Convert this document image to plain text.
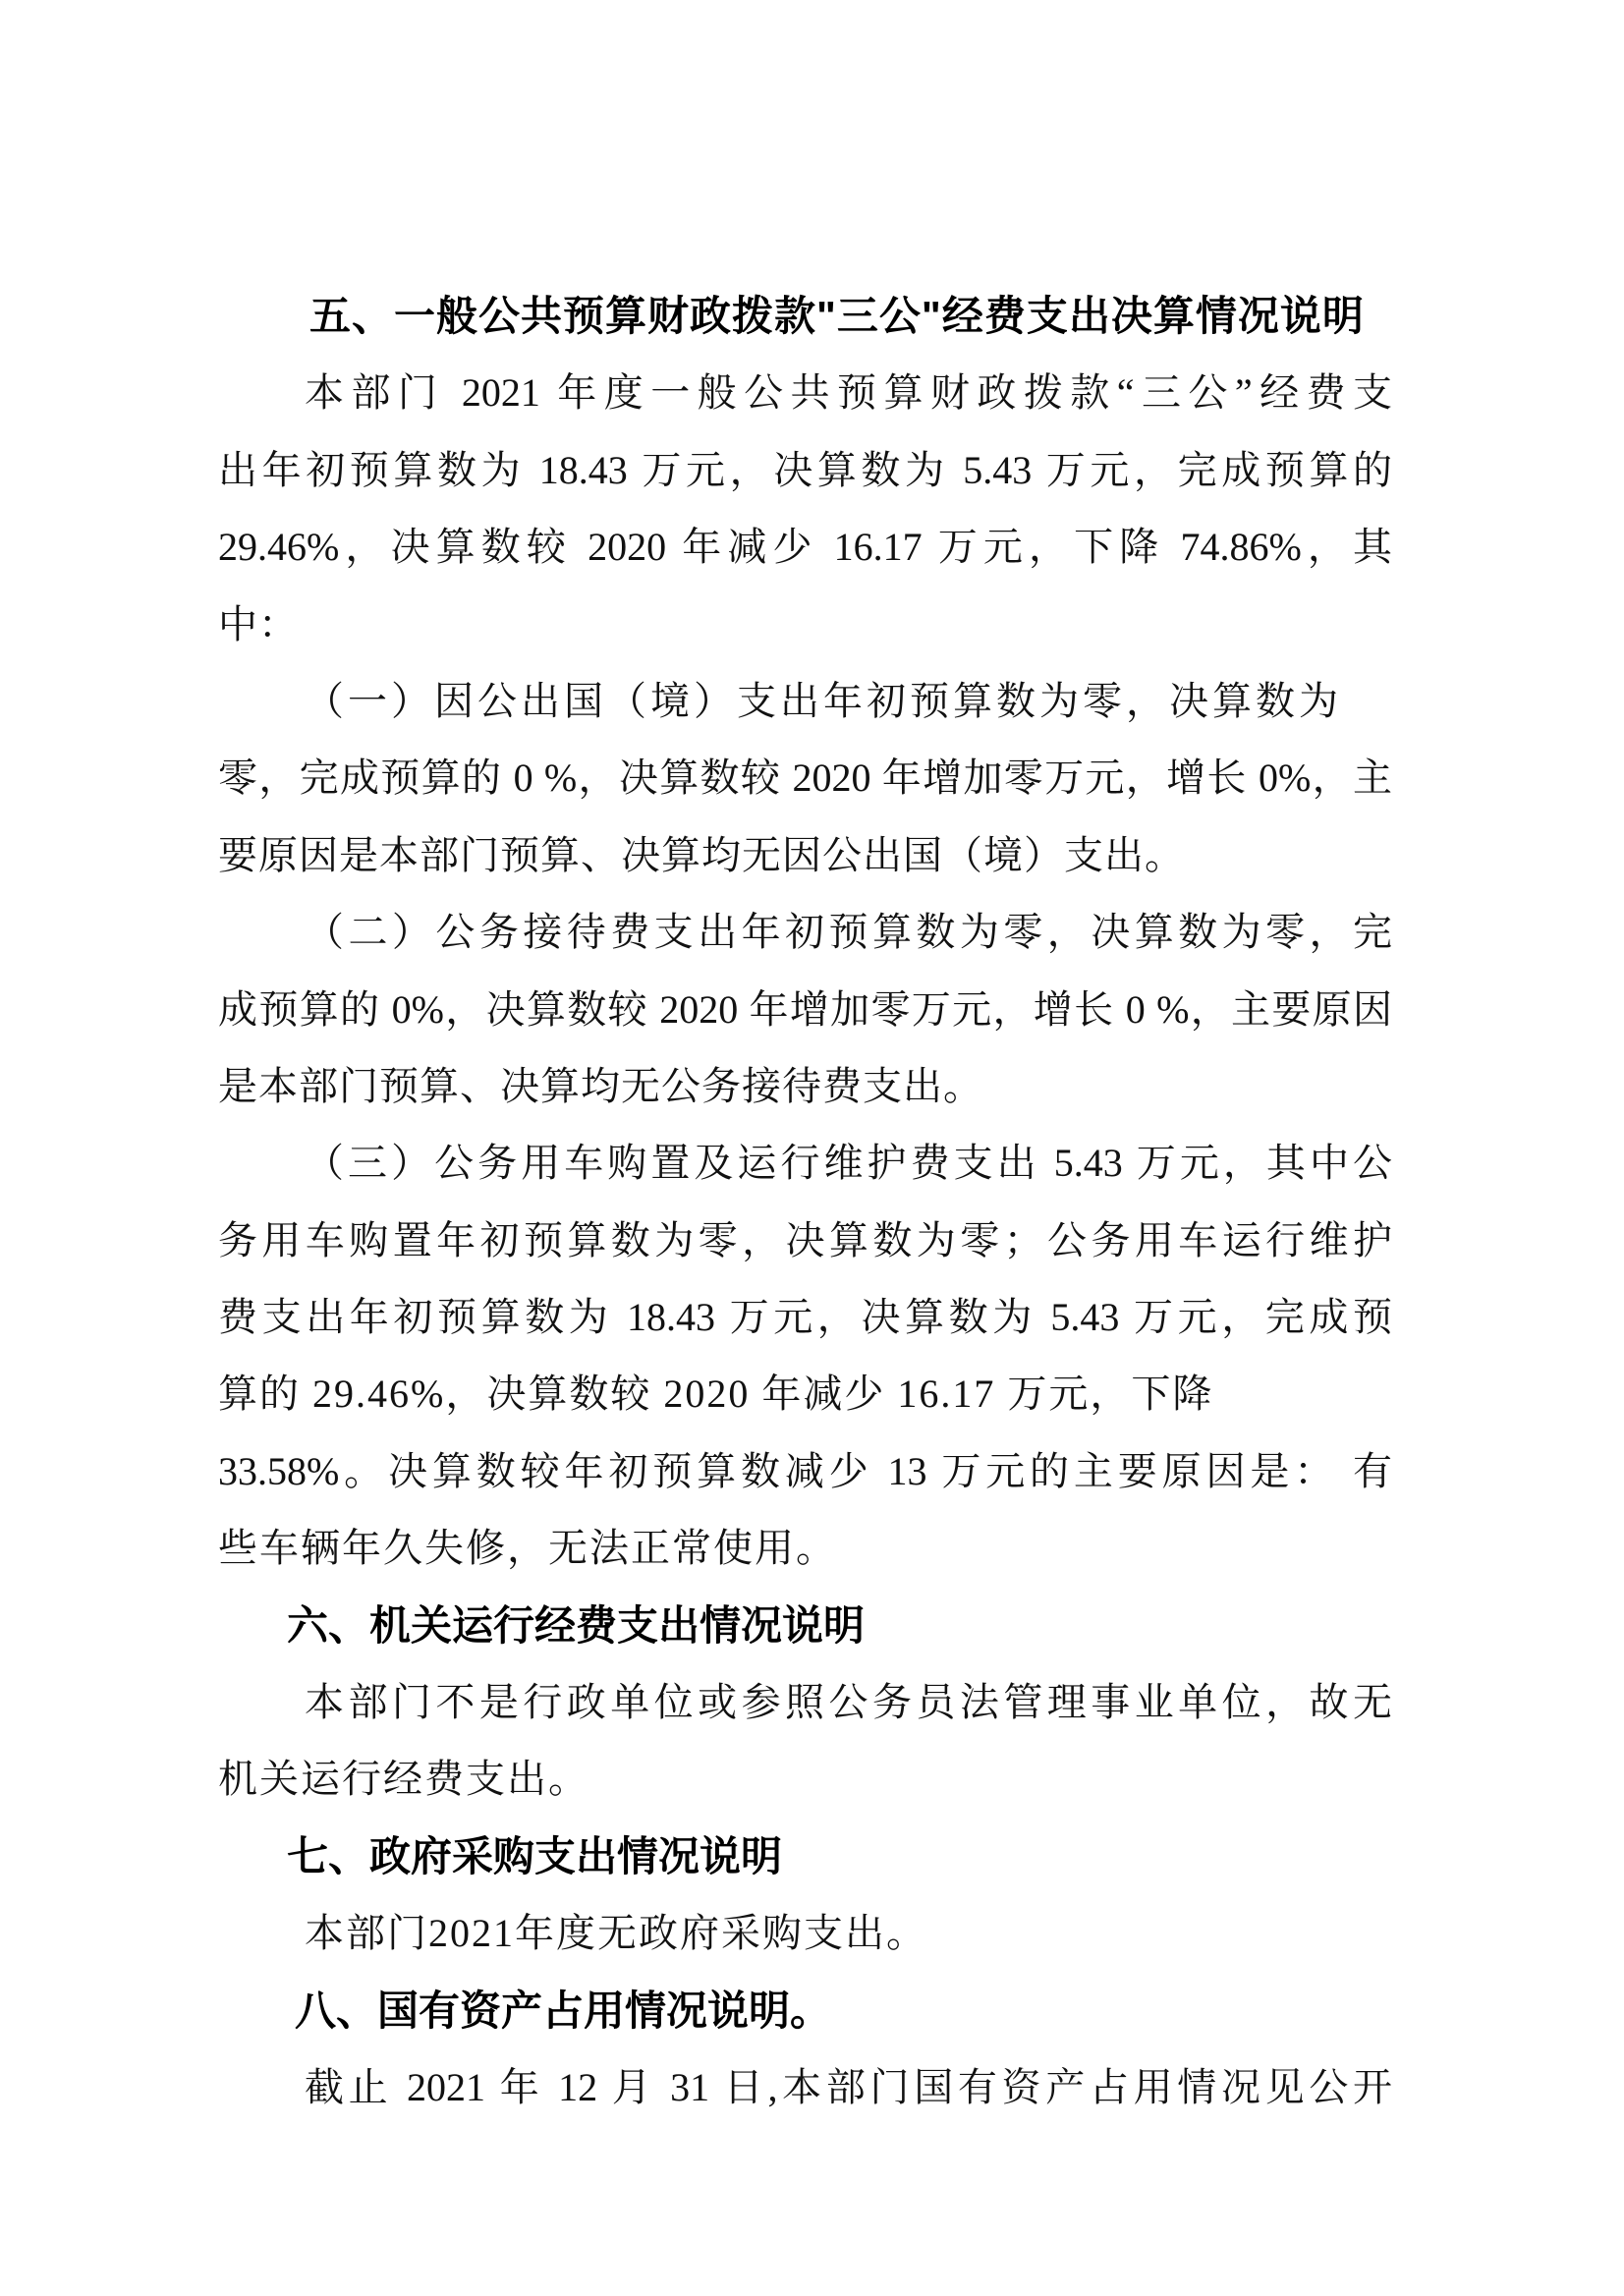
五、一般公共预算财政拨款"三公"经费支出决算情况说明
本部门 2021 年度一般公共预算财政拨款“三公”经费支
出年初预算数为 18.43 万元，决算数为 5.43 万元，完成预算的
29.46%，决算数较 2020 年减少 16.17 万元，下降 74.86%，其
中：
（一）因公出国（境）支出年初预算数为零，决算数为
零，完成预算的 0 %，决算数较 2020 年增加零万元，增长 0%，主
要原因是本部门预算、决算均无因公出国（境）支出。
（二）公务接待费支出年初预算数为零，决算数为零，完
成预算的 0%，决算数较 2020 年增加零万元，增长 0 %，主要原因
是本部门预算、决算均无公务接待费支出。
（三）公务用车购置及运行维护费支出 5.43 万元，其中公
务用车购置年初预算数为零，决算数为零；公务用车运行维护
费支出年初预算数为 18.43 万元，决算数为 5.43 万元，完成预
算的 29.46%，决算数较 2020 年减少 16.17 万元，下降
33.58%。决算数较年初预算数减少 13 万元的主要原因是： 有
些车辆年久失修，无法正常使用。
六、机关运行经费支出情况说明
本部门不是行政单位或参照公务员法管理事业单位，故无
机关运行经费支出。
七、政府采购支出情况说明
本部门2021年度无政府采购支出。
八、国有资产占用情况说明。
截止 2021 年 12 月 31 日,本部门国有资产占用情况见公开
